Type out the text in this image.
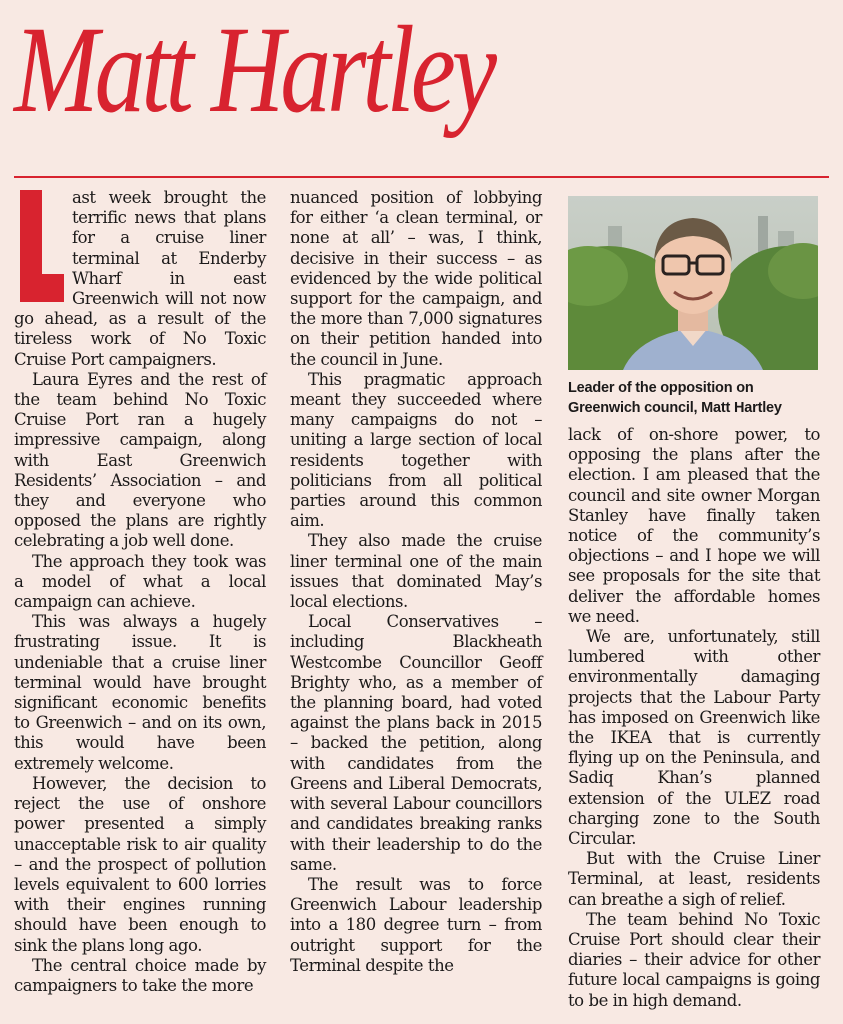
Matt Hartley

ast week brought the terrific news that plans for a cruise liner terminal at Enderby Wharf in east Greenwich will not now go ahead, as a result of the tireless work of No Toxic Cruise Port campaigners.

Laura Eyres and the rest of the team behind No Toxic Cruise Port ran a hugely impressive campaign, along with East Greenwich Residents’ Association – and they and everyone who opposed the plans are rightly celebrating a job well done.

The approach they took was a model of what a local campaign can achieve.

This was always a hugely frustrating issue. It is undeniable that a cruise liner terminal would have brought significant economic benefits to Greenwich – and on its own, this would have been extremely welcome.

However, the decision to reject the use of onshore power presented a simply unacceptable risk to air quality – and the prospect of pollution levels equivalent to 600 lorries with their engines running should have been enough to sink the plans long ago.

The central choice made by campaigners to take the more

nuanced position of lobbying for either ‘a clean terminal, or none at all’ – was, I think, decisive in their success – as evidenced by the wide political support for the campaign, and the more than 7,000 signatures on their petition handed into the council in June.

This pragmatic approach meant they succeeded where many campaigns do not – uniting a large section of local residents together with politicians from all political parties around this common aim.

They also made the cruise liner terminal one of the main issues that dominated May’s local elections.

Local Conservatives – including Blackheath Westcombe Councillor Geoff Brighty who, as a member of the planning board, had voted against the plans back in 2015 – backed the petition, along with candidates from the Greens and Liberal Democrats, with several Labour councillors and candidates breaking ranks with their leadership to do the same.

The result was to force Greenwich Labour leadership into a 180 degree turn – from outright support for the Terminal despite the

Leader of the opposition on Greenwich council, Matt Hartley

lack of on-shore power, to opposing the plans after the election. I am pleased that the council and site owner Morgan Stanley have finally taken notice of the community’s objections – and I hope we will see proposals for the site that deliver the affordable homes we need.

We are, unfortunately, still lumbered with other environmentally damaging projects that the Labour Party has imposed on Greenwich like the IKEA that is currently flying up on the Peninsula, and Sadiq Khan’s planned extension of the ULEZ road charging zone to the South Circular.

But with the Cruise Liner Terminal, at least, residents can breathe a sigh of relief.

The team behind No Toxic Cruise Port should clear their diaries – their advice for other future local campaigns is going to be in high demand.
